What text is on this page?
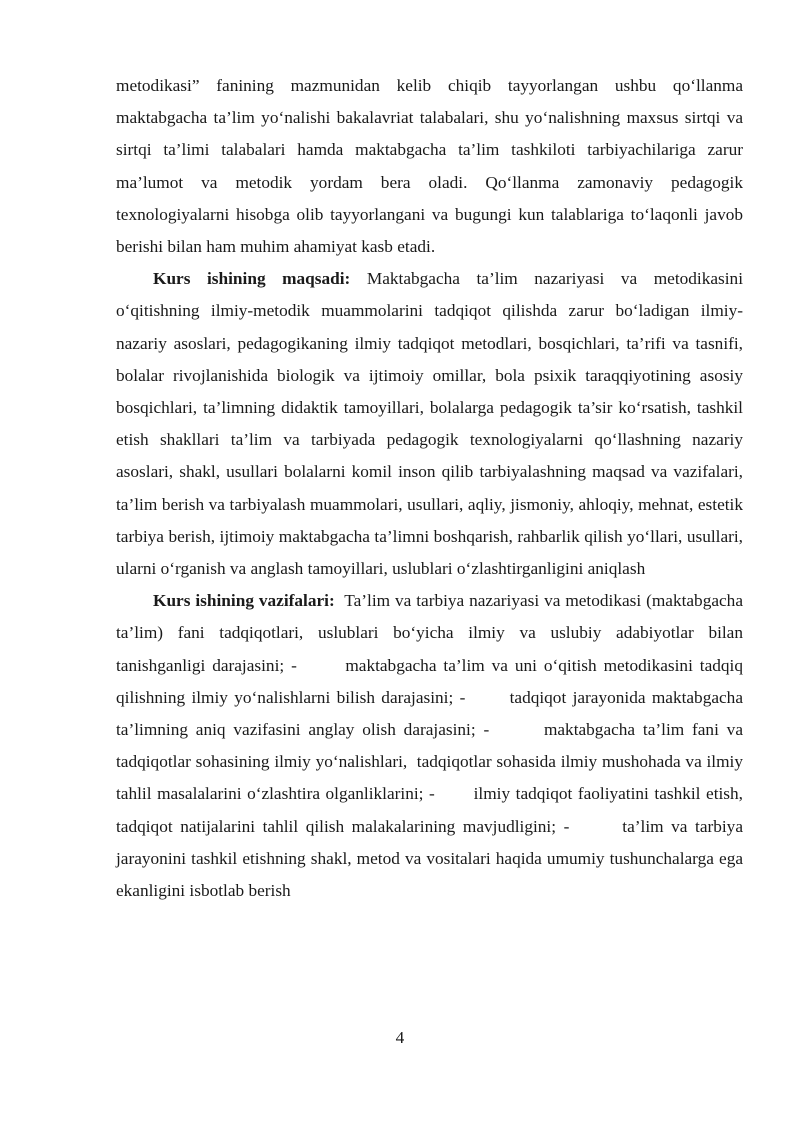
metodikasi” fanining mazmunidan kelib chiqib tayyorlangan ushbu qo‘llanma maktabgacha ta’lim yo‘nalishi bakalavriat talabalari, shu yo‘nalishning maxsus sirtqi va sirtqi ta’limi talabalari hamda maktabgacha ta’lim tashkiloti tarbiyachilariga zarur ma’lumot va metodik yordam bera oladi. Qo‘llanma zamonaviy pedagogik texnologiyalarni hisobga olib tayyorlangani va bugungi kun talablariga to‘laqonli javob berishi bilan ham muhim ahamiyat kasb etadi.

Kurs ishining maqsadi: Maktabgacha ta’lim nazariyasi va metodikasini o‘qitishning ilmiy-metodik muammolarini tadqiqot qilishda zarur bo‘ladigan ilmiy-nazariy asoslari, pedagogikaning ilmiy tadqiqot metodlari, bosqichlari, ta’rifi va tasnifi, bolalar rivojlanishida biologik va ijtimoiy omillar, bola psixik taraqqiyotining asosiy bosqichlari, ta’limning didaktik tamoyillari, bolalarga pedagogik ta’sir ko‘rsatish, tashkil etish shakllari ta’lim va tarbiyada pedagogik texnologiyalarni qo‘llashning nazariy asoslari, shakl, usullari bolalarni komil inson qilib tarbiyalashning maqsad va vazifalari, ta’lim berish va tarbiyalash muammolari, usullari, aqliy, jismoniy, ahloqiy, mehnat, estetik tarbiya berish, ijtimoiy maktabgacha ta’limni boshqarish, rahbarlik qilish yo‘llari, usullari, ularni o‘rganish va anglash tamoyillari, uslublari o‘zlashtirganligini aniqlash

Kurs ishining vazifalari:  Ta’lim va tarbiya nazariyasi va metodikasi (maktabgacha ta’lim) fani tadqiqotlari, uslublari bo‘yicha ilmiy va uslubiy adabiyotlar bilan tanishganligi darajasini; -       maktabgacha ta’lim va uni o‘qitish metodikasini tadqiq qilishning ilmiy yo‘nalishlarni bilish darajasini; -       tadqiqot jarayonida maktabgacha ta’limning aniq vazifasini anglay olish darajasini; -       maktabgacha ta’lim fani va tadqiqotlar sohasining ilmiy yo‘nalishlari,  tadqiqotlar sohasida ilmiy mushohada va ilmiy tahlil masalalarini o‘zlashtira olganliklarini; -       ilmiy tadqiqot faoliyatini tashkil etish, tadqiqot natijalarini tahlil qilish malakalarining mavjudligini; -       ta’lim va tarbiya jarayonini tashkil etishning shakl, metod va vositalari haqida umumiy tushunchalarga ega ekanligini isbotlab berish

4
